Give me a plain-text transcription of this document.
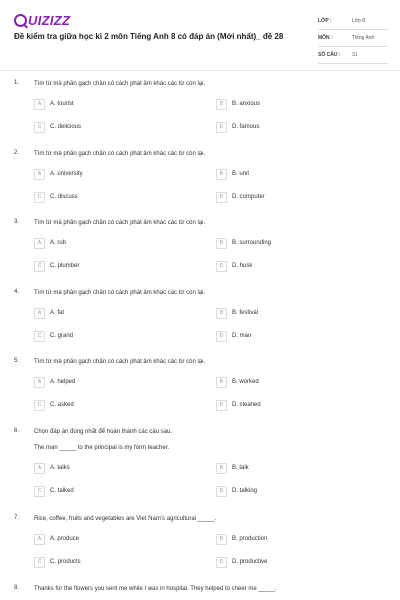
UIZIZZ
Đề kiểm tra giữa học kì 2 môn Tiếng Anh 8 có đáp án (Mới nhất)_ đề 28
LỚP :	Lớp 8
MÔN :	Tiếng Anh
SỐ CÂU :	31
1. Tìm từ mà phần gạch chân có cách phát âm khác các từ còn lại.
A	A. tourist	B	B. anxious
C	C. delicious	D	D. famous
2. Tìm từ mà phần gạch chân có cách phát âm khác các từ còn lại.
A	A. university	B	B. unit
C	C. discuss	D	D. computer
3. Tìm từ mà phần gạch chân có cách phát âm khác các từ còn lại.
A	A. rub	B	B. surrounding
C	C. plumber	D	D. husk
4. Tìm từ mà phần gạch chân có cách phát âm khác các từ còn lại.
A	A. fat	B	B. festival
C	C. grand	D	D. man
5. Tìm từ mà phần gạch chân có cách phát âm khác các từ còn lại.
A	A. helped	B	B. worked
C	C. asked	D	D. cleaned
6. Chọn đáp án đúng nhất để hoàn thành các câu sau.
The man _____ to the principal is my form teacher.
A	A. talks	B	B. talk
C	C. talked	D	D. talking
7. Rice, coffee, fruits and vegetables are Viet Nam's agricultural _____.
A	A. produce	B	B. production
C	C. products	D	D. productive
8. Thanks for the flowers you sent me while I was in hospital. They helped to cheer me _____.
